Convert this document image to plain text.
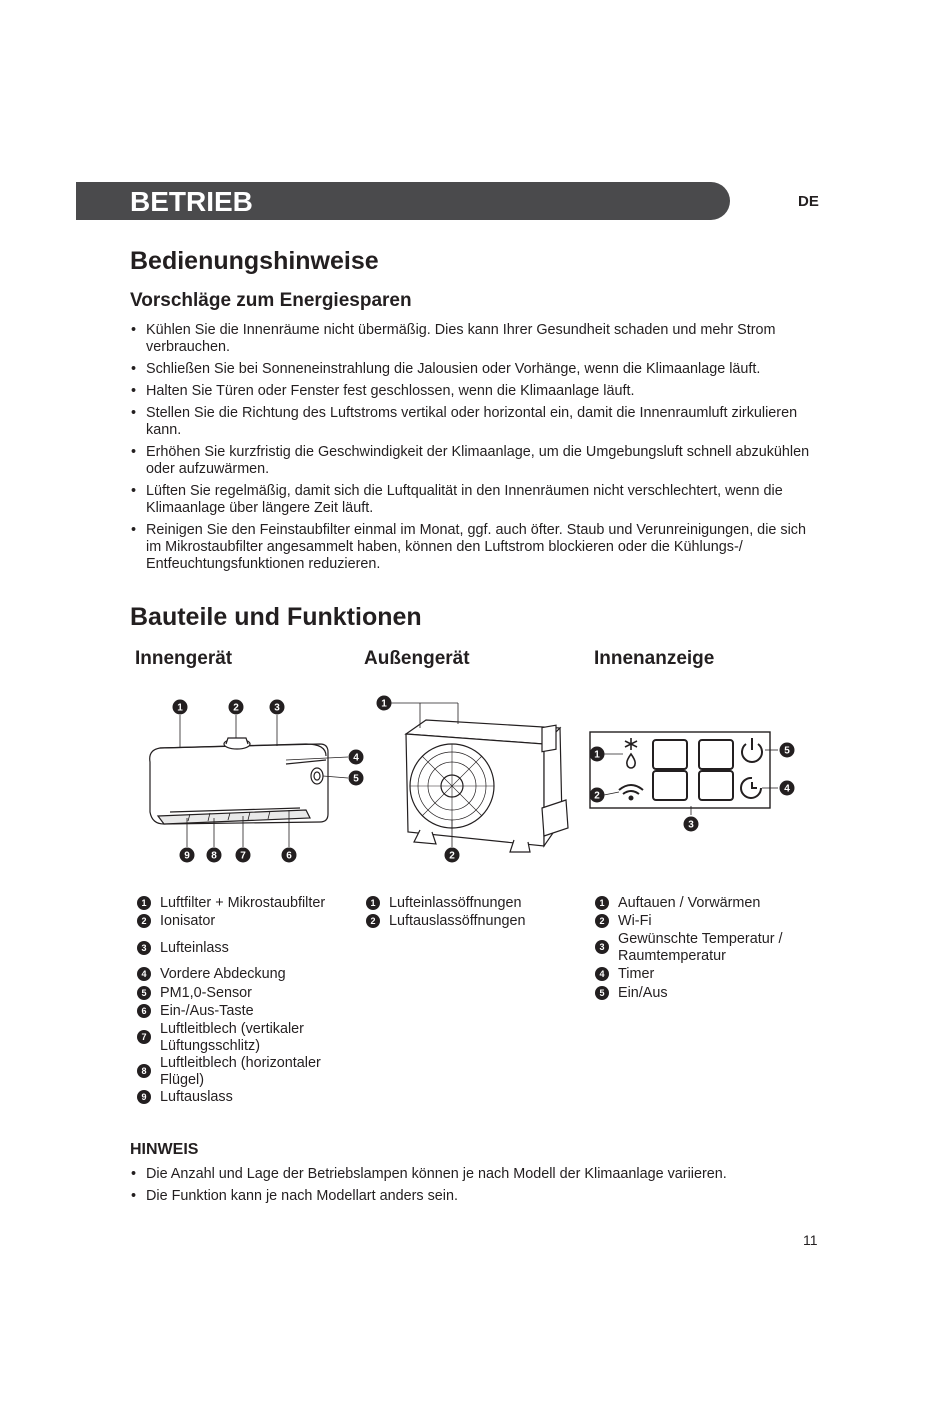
BETRIEB	DE
Bedienungshinweise
Vorschläge zum Energiesparen
• Kühlen Sie die Innenräume nicht übermäßig. Dies kann Ihrer Gesundheit schaden und mehr Strom verbrauchen.
• Schließen Sie bei Sonneneinstrahlung die Jalousien oder Vorhänge, wenn die Klimaanlage läuft.
• Halten Sie Türen oder Fenster fest geschlossen, wenn die Klimaanlage läuft.
• Stellen Sie die Richtung des Luftstroms vertikal oder horizontal ein, damit die Innenraumluft zirkulieren kann.
• Erhöhen Sie kurzfristig die Geschwindigkeit der Klimaanlage, um die Umgebungsluft schnell abzukühlen oder aufzuwärmen.
• Lüften Sie regelmäßig, damit sich die Luftqualität in den Innenräumen nicht verschlechtert, wenn die Klimaanlage über längere Zeit läuft.
• Reinigen Sie den Feinstaubfilter einmal im Monat, ggf. auch öfter. Staub und Verunreinigungen, die sich im Mikrostaubfilter angesammelt haben, können den Luftstrom blockieren oder die Kühlungs-/ Entfeuchtungsfunktionen reduzieren.
Bauteile und Funktionen
Innengerät	Außengerät	Innenanzeige
1	2	3
4
5
9 8 7	6
1
2
1
2
3
4
5
1 Luftfilter + Mikrostaubfilter
2 Ionisator
3 Lufteinlass
4 Vordere Abdeckung
5 PM1,0-Sensor
6 Ein-/Aus-Taste
7 Luftleitblech (vertikaler Lüftungsschlitz)
8 Luftleitblech (horizontaler Flügel)
9 Luftauslass
1 Lufteinlassöffnungen
2 Luftauslassöffnungen
1 Auftauen / Vorwärmen
2 Wi-Fi
3 Gewünschte Temperatur / Raumtemperatur
4 Timer
5 Ein/Aus
HINWEIS
• Die Anzahl und Lage der Betriebslampen können je nach Modell der Klimaanlage variieren.
• Die Funktion kann je nach Modellart anders sein.
11
